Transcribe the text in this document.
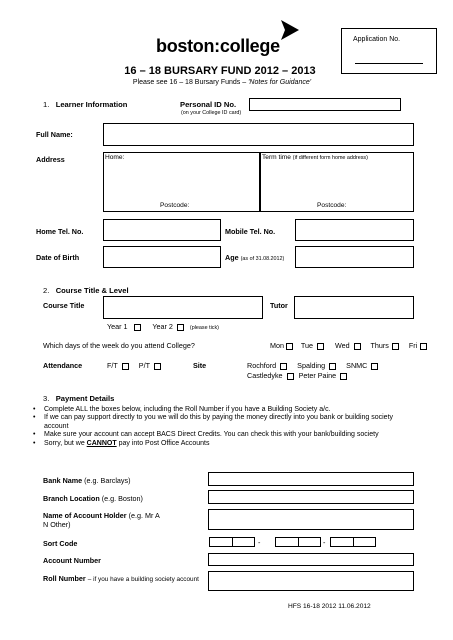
boston:college	Application No.
16 – 18 BURSARY FUND 2012 – 2013
Please see 16 – 18 Bursary Funds – 'Notes for Guidance'
1. Learner Information	Personal ID No.
(on your College ID card)
Full Name:
Address	Home:
Postcode:
Term time (if different form home address)
Postcode:
Home Tel. No.	Mobile Tel. No.
Date of Birth	Age (as of 31.08.2012)
2. Course Title & Level
Course Title	Tutor
Year 1	Year 2	(please tick)
Which days of the week do you attend College?	Mon Tue	Wed	Thurs	Fri
Attendance	F/T	P/T	Site	Rochford	Spalding	SNMC
Castledyke Peter Paine
3. Payment Details
• Complete ALL the boxes below, including the Roll Number if you have a Building Society a/c.
• If we can pay support directly to you we will do this by paying the money directly into you bank or building society account
• Make sure your account can accept BACS Direct Credits. You can check this with your bank/building society
• Sorry, but we CANNOT pay into Post Office Accounts
Bank Name (e.g. Barclays)
Branch Location (e.g. Boston)
Name of Account Holder (e.g. Mr A N Other)
Sort Code	-	-
Account Number
Roll Number – if you have a building society account
HFS 16-18 2012 11.06.2012
